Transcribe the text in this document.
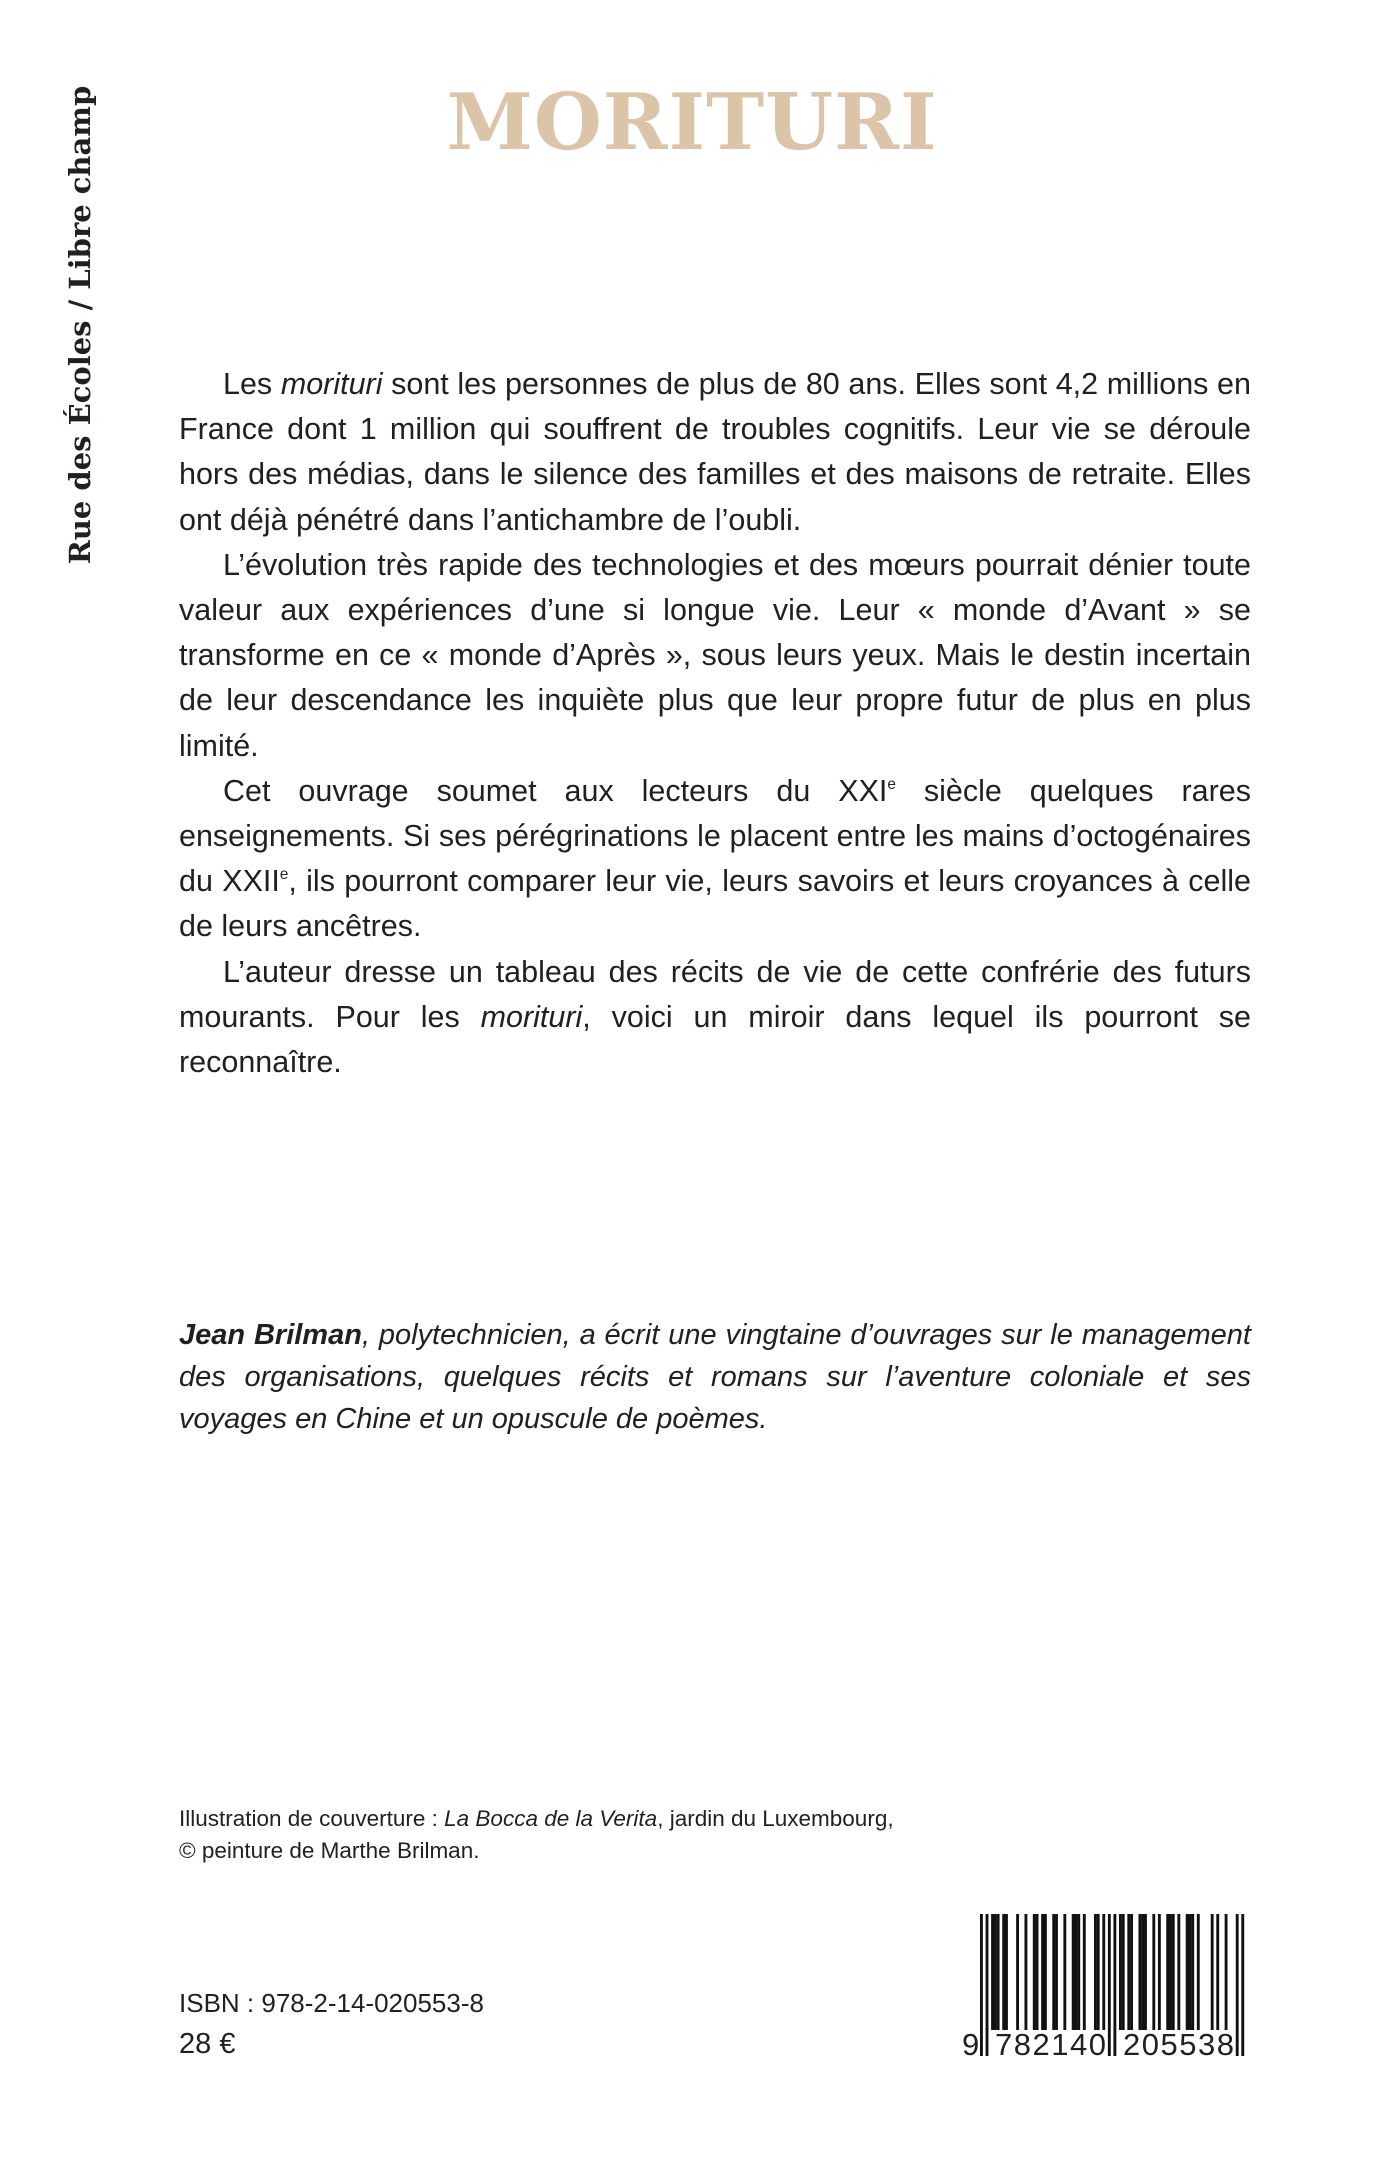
Rue des Écoles / Libre champ	MORITURI

Les morituri sont les personnes de plus de 80 ans. Elles sont 4,2 millions en France dont 1 million qui souffrent de troubles cognitifs. Leur vie se déroule hors des médias, dans le silence des familles et des maisons de retraite. Elles ont déjà pénétré dans l’antichambre de l’oubli.

L’évolution très rapide des technologies et des mœurs pourrait dénier toute valeur aux expériences d’une si longue vie. Leur « monde d’Avant » se transforme en ce « monde d’Après », sous leurs yeux. Mais le destin incertain de leur descendance les inquiète plus que leur propre futur de plus en plus limité.

Cet ouvrage soumet aux lecteurs du XXIe siècle quelques rares enseignements. Si ses pérégrinations le placent entre les mains d’octogénaires du XXIIe, ils pourront comparer leur vie, leurs savoirs et leurs croyances à celle de leurs ancêtres.

L’auteur dresse un tableau des récits de vie de cette confrérie des futurs mourants. Pour les morituri, voici un miroir dans lequel ils pourront se reconnaître.

Jean Brilman, polytechnicien, a écrit une vingtaine d’ouvrages sur le management des organisations, quelques récits et romans sur l’aventure coloniale et ses voyages en Chine et un opuscule de poèmes.
Illustration de couverture : La Bocca de la Verita, jardin du Luxembourg,
© peinture de Marthe Brilman.
ISBN : 978-2-14-020553-8
28 €	9 782140 205538
